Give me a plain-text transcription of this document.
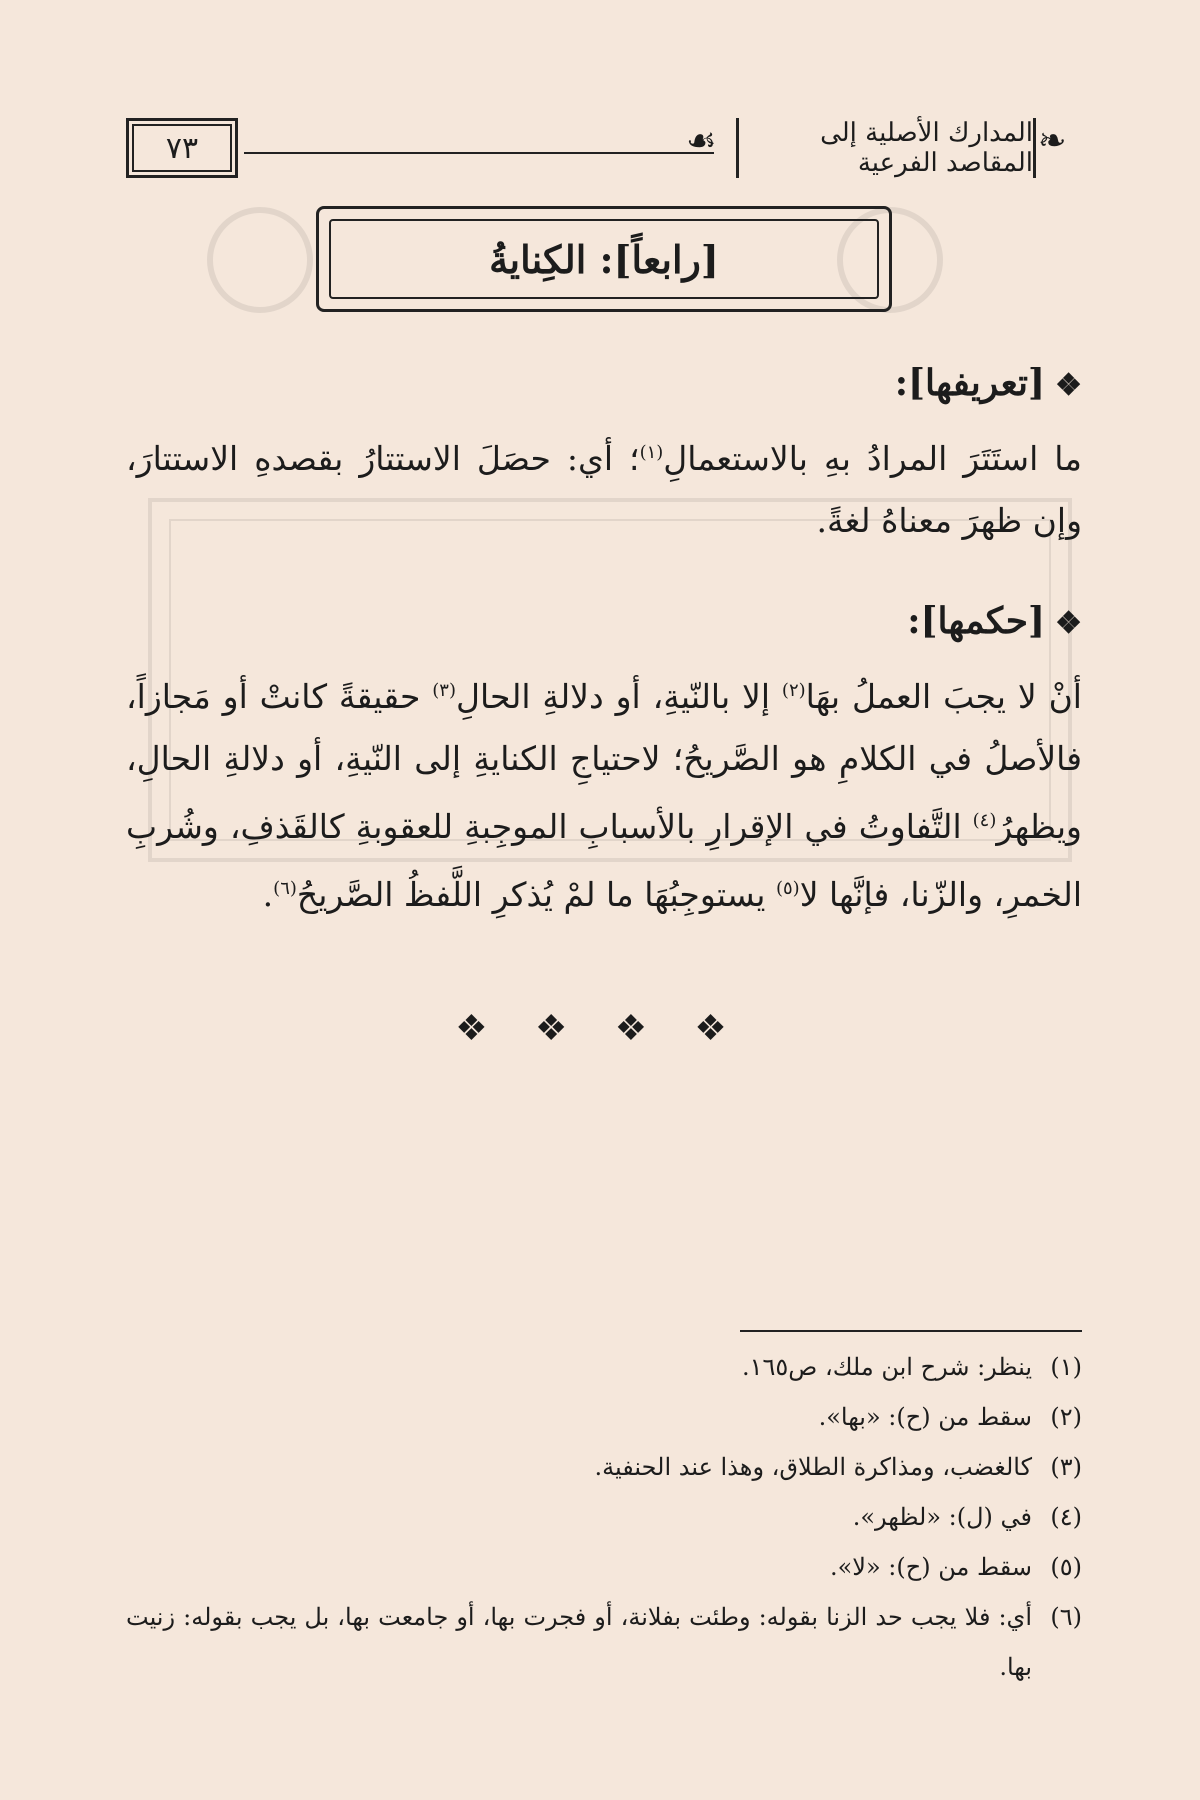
٧٣	☙	المدارك الأصلية إلى المقاصد الفرعية
❧
[رابعاً]: الكِنايةُ
❖[تعريفها]:
ما استَتَرَ المرادُ بهِ بالاستعمالِ$^{(١)}$؛ أي: حصَلَ الاستتارُ بقصدهِ الاستتارَ، وإن ظهرَ معناهُ لغةً.
❖[حكمها]:
أنْ لا يجبَ العملُ بهَا$^{(٢)}$ إلا بالنّيةِ، أو دلالةِ الحالِ$^{(٣)}$ حقيقةً كانتْ أو مَجازاً، فالأصلُ في الكلامِ هو الصَّريحُ؛ لاحتياجِ الكنايةِ إلى النّيةِ، أو دلالةِ الحالِ، ويظهرُ$^{(٤)}$ التَّفاوتُ في الإقرارِ بالأسبابِ الموجِبةِ للعقوبةِ كالقَذفِ، وشُربِ الخمرِ، والزّنا، فإنَّها لا$^{(٥)}$ يستوجِبُهَا ما لمْ يُذكرِ اللَّفظُ الصَّريحُ$^{(٦)}$.
❖ ❖ ❖ ❖
(١)
ينظر: شرح ابن ملك، ص١٦٥.
(٢)
سقط من (ح): «بها».
(٣)
كالغضب، ومذاكرة الطلاق، وهذا عند الحنفية.
(٤)
في (ل): «لظهر».
(٥)
سقط من (ح): «لا».
(٦)
أي: فلا يجب حد الزنا بقوله: وطئت بفلانة، أو فجرت بها، أو جامعت بها، بل يجب بقوله: زنيت بها.
